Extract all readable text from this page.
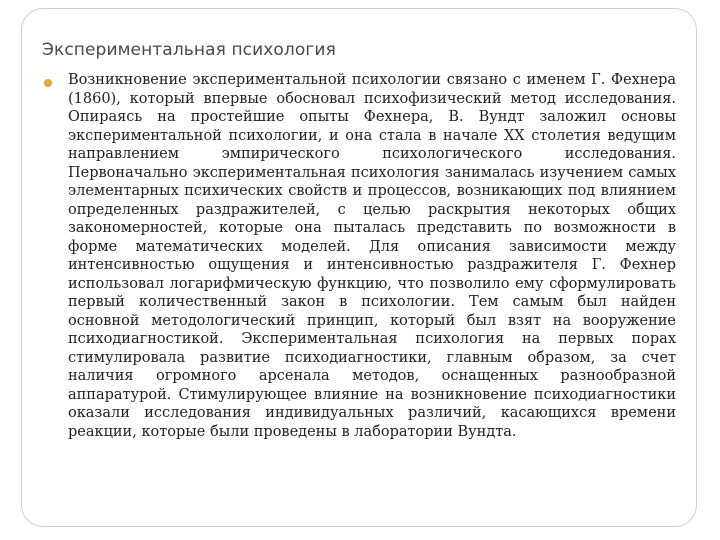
Экспериментальная психология

Возникновение экспериментальной психологии связано с именем Г. Фехнера (1860), который впервые обосновал психофизический метод исследования. Опираясь на простейшие опыты Фехнера, В. Вундт заложил основы экспериментальной психологии, и она стала в начале XX столетия ведущим направлением эмпирического психологического исследования. Первоначально экспериментальная психология занималась изучением самых элементарных психических свойств и процессов, возникающих под влиянием определенных раздражителей, с целью раскрытия некоторых общих закономерностей, которые она пыталась представить по возможности в форме математических моделей. Для описания зависимости между интенсивностью ощущения и интенсивностью раздражителя Г. Фехнер использовал логарифмическую функцию, что позволило ему сформулировать первый количественный закон в психологии. Тем самым был найден основной методологический принцип, который был взят на вооружение психодиагностикой. Экспериментальная психология на первых порах стимулировала развитие психодиагностики, главным образом, за счет наличия огромного арсенала методов, оснащенных разнообразной аппаратурой. Стимулирующее влияние на возникновение психодиагностики оказали исследования индивидуальных различий, касающихся времени реакции, которые были проведены в лаборатории Вундта.
